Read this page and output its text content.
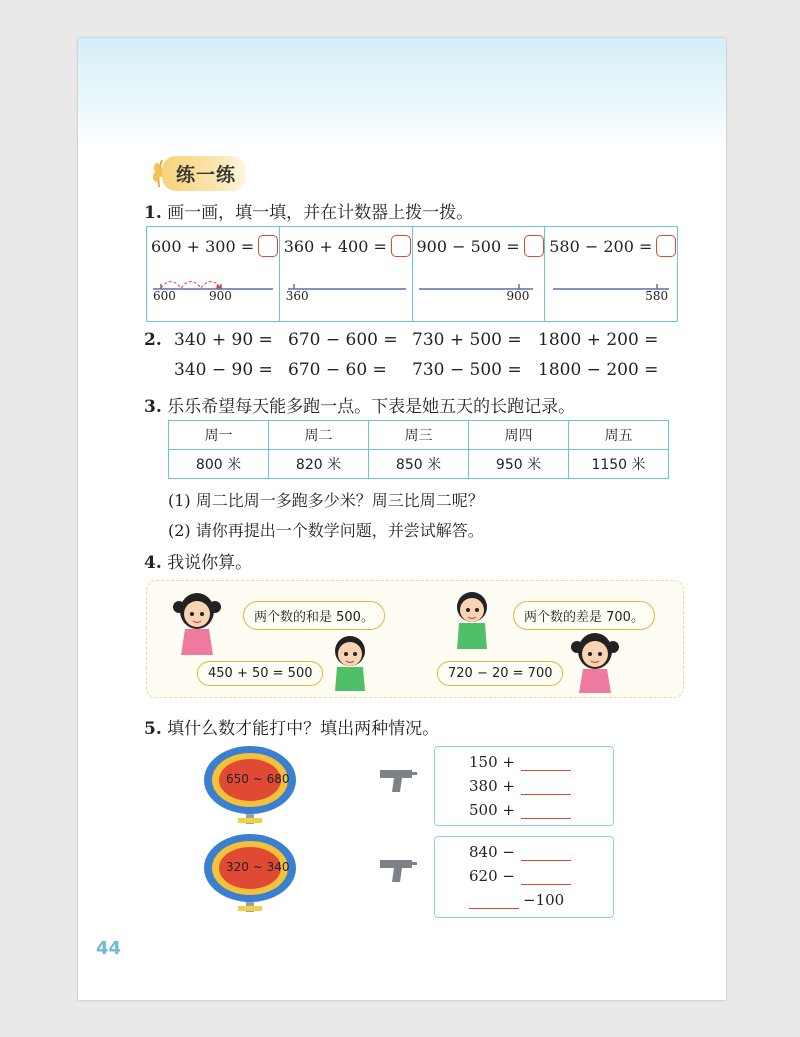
练一练
1. 画一画，填一填，并在计数器上拨一拨。
600 + 300 =
600	900
360 + 400 =
360
900 − 500 =
900
580 − 200 =
580
2. 340 + 90 = 670 − 600 = 730 + 500 = 1800 + 200 =
340 − 90 = 670 − 60 = 730 − 500 = 1800 − 200 =
3. 乐乐希望每天能多跑一点。下表是她五天的长跑记录。
周一	周二	周三	周四	周五
800 米	820 米	850 米	950 米	1150 米
(1) 周二比周一多跑多少米？周三比周二呢？
(2) 请你再提出一个数学问题，并尝试解答。
4. 我说你算。
两个数的和是 500。
450 + 50 = 500
两个数的差是 700。
720 − 20 = 700
5. 填什么数才能打中？填出两种情况。
650 ~ 680
320 ~ 340
150 +
380 +
500 +
840 −
620 −
−100
44
